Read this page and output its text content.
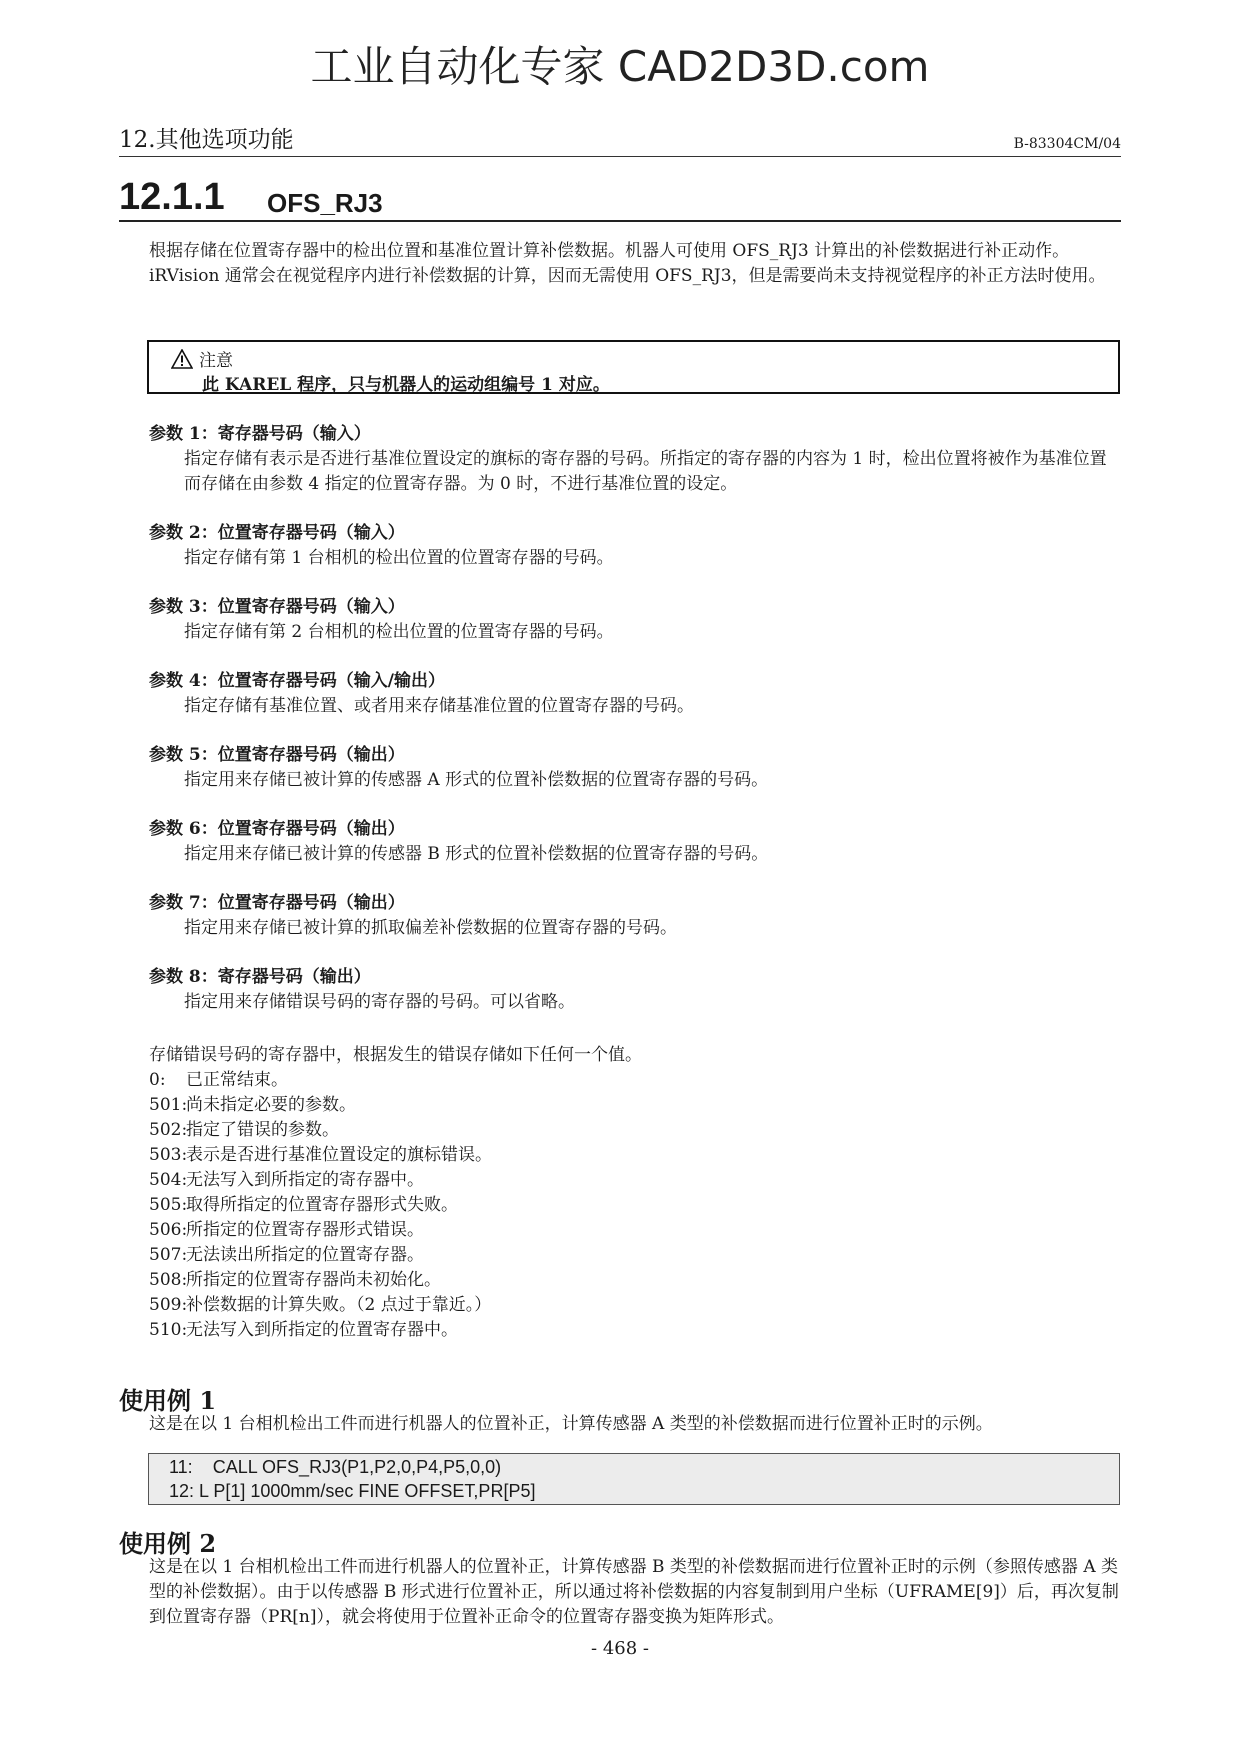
工业自动化专家 CAD2D3D.com
12.其他选项功能	B-83304CM/04
12.1.1 OFS_RJ3
根据存储在位置寄存器中的检出位置和基准位置计算补偿数据。机器人可使用 OFS_RJ3 计算出的补偿数据进行补正动作。iRVision 通常会在视觉程序内进行补偿数据的计算，因而无需使用 OFS_RJ3，但是需要尚未支持视觉程序的补正方法时使用。
注意
此 KAREL 程序，只与机器人的运动组编号 1 对应。
参数 1：寄存器号码（输入）
指定存储有表示是否进行基准位置设定的旗标的寄存器的号码。所指定的寄存器的内容为 1 时，检出位置将被作为基准位置而存储在由参数 4 指定的位置寄存器。为 0 时，不进行基准位置的设定。
参数 2：位置寄存器号码（输入）
指定存储有第 1 台相机的检出位置的位置寄存器的号码。
参数 3：位置寄存器号码（输入）
指定存储有第 2 台相机的检出位置的位置寄存器的号码。
参数 4：位置寄存器号码（输入/输出）
指定存储有基准位置、或者用来存储基准位置的位置寄存器的号码。
参数 5：位置寄存器号码（输出）
指定用来存储已被计算的传感器 A 形式的位置补偿数据的位置寄存器的号码。
参数 6：位置寄存器号码（输出）
指定用来存储已被计算的传感器 B 形式的位置补偿数据的位置寄存器的号码。
参数 7：位置寄存器号码（输出）
指定用来存储已被计算的抓取偏差补偿数据的位置寄存器的号码。
参数 8：寄存器号码（输出）
指定用来存储错误号码的寄存器的号码。可以省略。
存储错误号码的寄存器中，根据发生的错误存储如下任何一个值。
0: 已正常结束。
501:尚未指定必要的参数。
502:指定了错误的参数。
503:表示是否进行基准位置设定的旗标错误。
504:无法写入到所指定的寄存器中。
505:取得所指定的位置寄存器形式失败。
506:所指定的位置寄存器形式错误。
507:无法读出所指定的位置寄存器。
508:所指定的位置寄存器尚未初始化。
509:补偿数据的计算失败。（2 点过于靠近。）
510:无法写入到所指定的位置寄存器中。
使用例 1
这是在以 1 台相机检出工件而进行机器人的位置补正，计算传感器 A 类型的补偿数据而进行位置补正时的示例。
11:    CALL OFS_RJ3(P1,P2,0,P4,P5,0,0)
12: L P[1] 1000mm/sec FINE OFFSET,PR[P5]
使用例 2
这是在以 1 台相机检出工件而进行机器人的位置补正，计算传感器 B 类型的补偿数据而进行位置补正时的示例（参照传感器 A 类型的补偿数据）。由于以传感器 B 形式进行位置补正，所以通过将补偿数据的内容复制到用户坐标（UFRAME[9]）后，再次复制到位置寄存器（PR[n]），就会将使用于位置补正命令的位置寄存器变换为矩阵形式。
- 468 -
